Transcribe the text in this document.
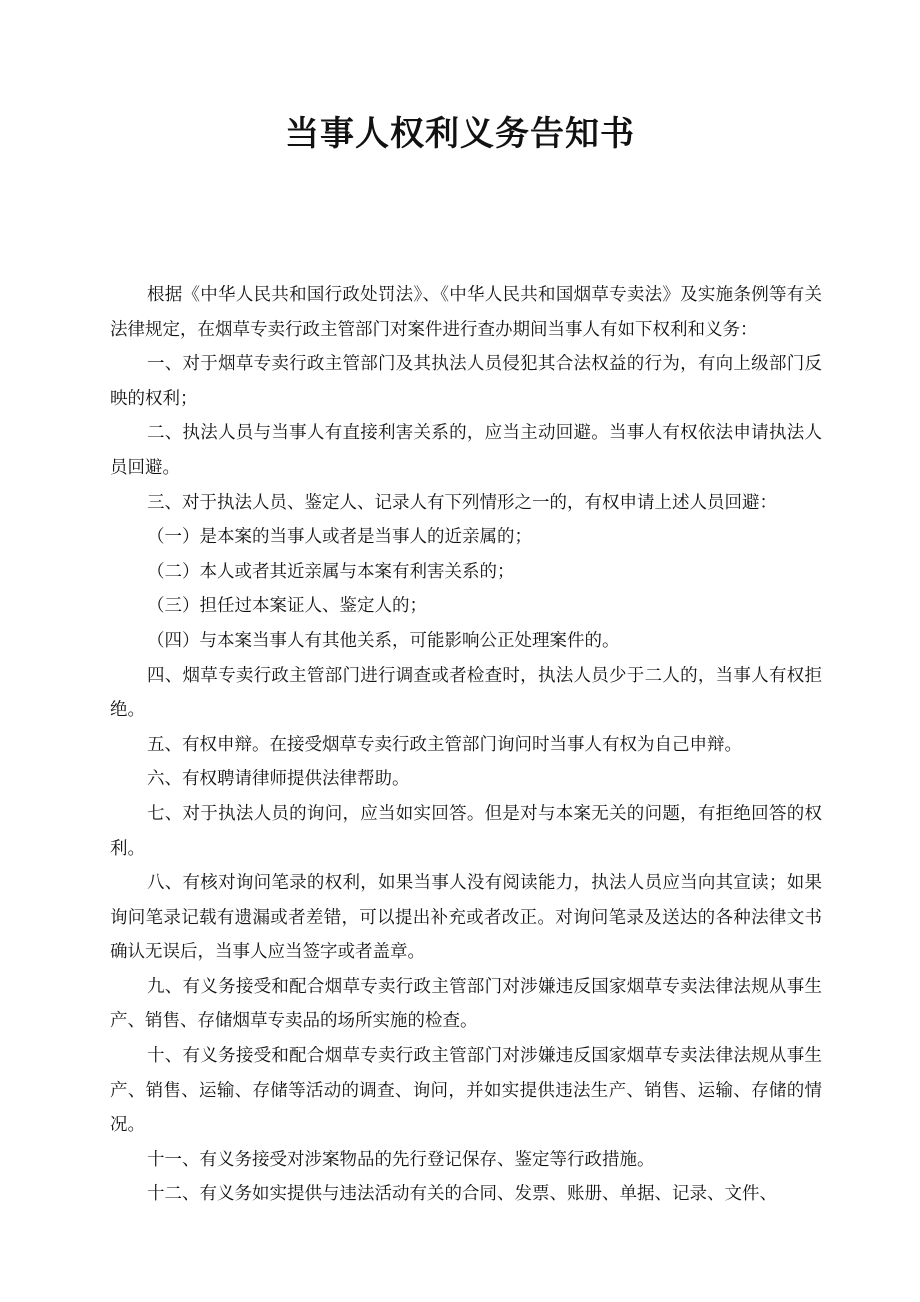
当事人权利义务告知书

根据《中华人民共和国行政处罚法》、《中华人民共和国烟草专卖法》及实施条例等有关法律规定，在烟草专卖行政主管部门对案件进行查办期间当事人有如下权利和义务：

一、对于烟草专卖行政主管部门及其执法人员侵犯其合法权益的行为，有向上级部门反映的权利；

二、执法人员与当事人有直接利害关系的，应当主动回避。当事人有权依法申请执法人员回避。

三、对于执法人员、鉴定人、记录人有下列情形之一的，有权申请上述人员回避：

（一）是本案的当事人或者是当事人的近亲属的；

（二）本人或者其近亲属与本案有利害关系的；

（三）担任过本案证人、鉴定人的；

（四）与本案当事人有其他关系，可能影响公正处理案件的。

四、烟草专卖行政主管部门进行调查或者检查时，执法人员少于二人的，当事人有权拒绝。

五、有权申辩。在接受烟草专卖行政主管部门询问时当事人有权为自己申辩。

六、有权聘请律师提供法律帮助。

七、对于执法人员的询问，应当如实回答。但是对与本案无关的问题，有拒绝回答的权利。

八、有核对询问笔录的权利，如果当事人没有阅读能力，执法人员应当向其宣读；如果询问笔录记载有遗漏或者差错，可以提出补充或者改正。对询问笔录及送达的各种法律文书确认无误后，当事人应当签字或者盖章。

九、有义务接受和配合烟草专卖行政主管部门对涉嫌违反国家烟草专卖法律法规从事生产、销售、存储烟草专卖品的场所实施的检查。

十、有义务接受和配合烟草专卖行政主管部门对涉嫌违反国家烟草专卖法律法规从事生产、销售、运输、存储等活动的调查、询问，并如实提供违法生产、销售、运输、存储的情况。

十一、有义务接受对涉案物品的先行登记保存、鉴定等行政措施。

十二、有义务如实提供与违法活动有关的合同、发票、账册、单据、记录、文件、
